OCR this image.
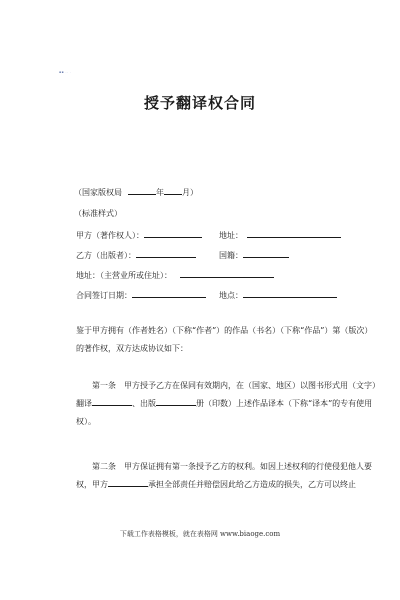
▪▪ ·· ·
授予翻译权合同
（国家版权局	年 月）
（标准样式）
甲方（著作权人）：	地址：
乙方（出版者）：	国籍：
地址：（主营业所或住址）：
合同签订日期：	地点：
鉴于甲方拥有（作者姓名）（下称“作者”）的作品（书名）（下称“作品”）第（版次）的著作权，双方达成协议如下：
第一条　甲方授予乙方在保同有效期内，在（国家、地区）以图书形式用（文字）翻译	、出版	册（印数）上述作品译本（下称“译本”的专有使用权）。
第二条　甲方保证拥有第一条授予乙方的权利。如因上述权利的行使侵犯他人要权，甲方	承担全部责任并赔偿因此给乙方造成的损失，乙方可以终止
下载工作表格模板，就在表格网 www.biaoge.com
